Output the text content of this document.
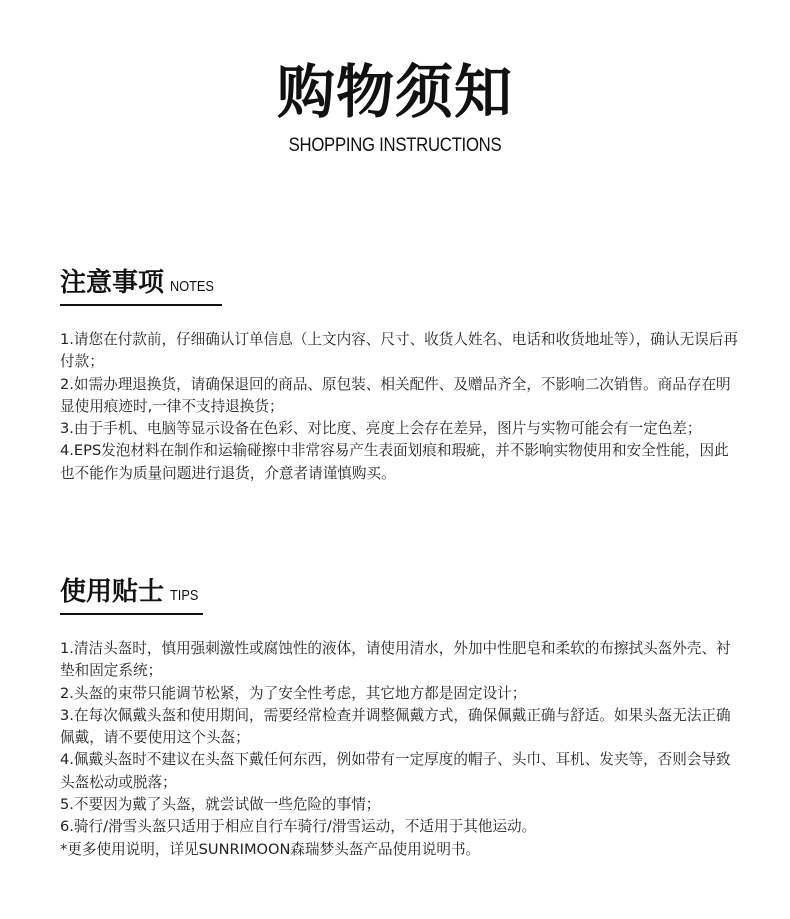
购物须知
SHOPPING INSTRUCTIONS
注意事项 NOTES

1.请您在付款前，仔细确认订单信息（上文内容、尺寸、收货人姓名、电话和收货地址等），确认无误后再付款；

2.如需办理退换货，请确保退回的商品、原包装、相关配件、及赠品齐全，不影响二次销售。商品存在明显使用痕迹时,一律不支持退换货；

3.由于手机、电脑等显示设备在色彩、对比度、亮度上会存在差异，图片与实物可能会有一定色差；

4.EPS发泡材料在制作和运输碰擦中非常容易产生表面划痕和瑕疵，并不影响实物使用和安全性能，因此也不能作为质量问题进行退货，介意者请谨慎购买。

使用贴士 TIPS

1.清洁头盔时，慎用强刺激性或腐蚀性的液体，请使用清水，外加中性肥皂和柔软的布擦拭头盔外壳、衬垫和固定系统；

2.头盔的束带只能调节松紧，为了安全性考虑，其它地方都是固定设计；

3.在每次佩戴头盔和使用期间，需要经常检查并调整佩戴方式，确保佩戴正确与舒适。如果头盔无法正确佩戴，请不要使用这个头盔；

4.佩戴头盔时不建议在头盔下戴任何东西，例如带有一定厚度的帽子、头巾、耳机、发夹等，否则会导致头盔松动或脱落；

5.不要因为戴了头盔，就尝试做一些危险的事情；

6.骑行/滑雪头盔只适用于相应自行车骑行/滑雪运动，不适用于其他运动。

*更多使用说明，详见SUNRIMOON森瑞梦头盔产品使用说明书。
